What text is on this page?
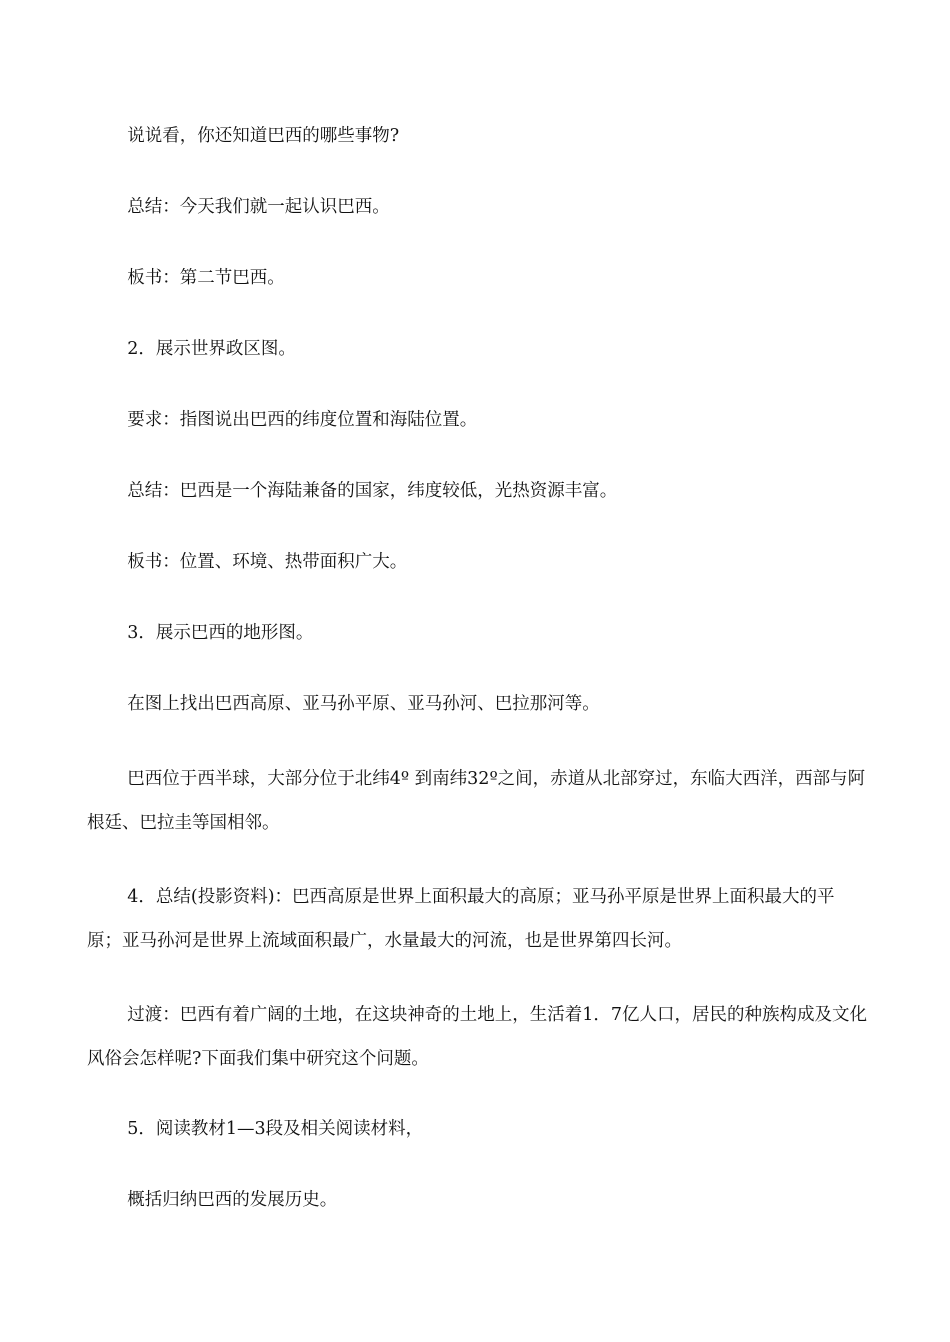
说说看，你还知道巴西的哪些事物?

总结：今天我们就一起认识巴西。

板书：第二节巴西。

2．展示世界政区图。

要求：指图说出巴西的纬度位置和海陆位置。

总结：巴西是一个海陆兼备的国家，纬度较低，光热资源丰富。

板书：位置、环境、热带面积广大。

3．展示巴西的地形图。

在图上找出巴西高原、亚马孙平原、亚马孙河、巴拉那河等。

巴西位于西半球，大部分位于北纬4º 到南纬32º之间，赤道从北部穿过，东临大西洋，西部与阿根廷、巴拉圭等国相邻。

4．总结(投影资料)：巴西高原是世界上面积最大的高原；亚马孙平原是世界上面积最大的平原；亚马孙河是世界上流域面积最广，水量最大的河流，也是世界第四长河。

过渡：巴西有着广阔的土地，在这块神奇的土地上，生活着1．7亿人口，居民的种族构成及文化风俗会怎样呢?下面我们集中研究这个问题。

5．阅读教材1—3段及相关阅读材料，

概括归纳巴西的发展历史。
